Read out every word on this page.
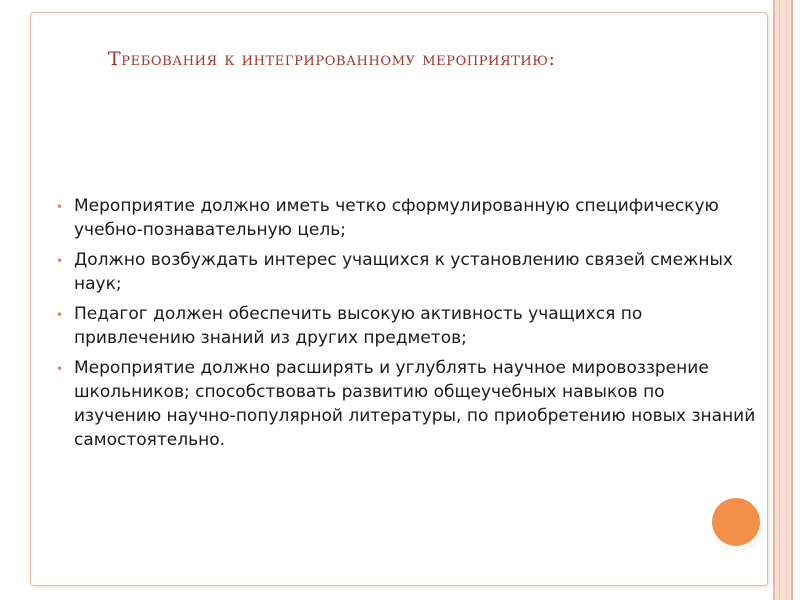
Требования к интегрированному мероприятию:
• Мероприятие должно иметь четко сформулированную специфическую учебно-познавательную цель;
• Должно возбуждать интерес учащихся к установлению связей смежных наук;
• Педагог должен обеспечить высокую активность учащихся по привлечению знаний из других предметов;
• Мероприятие должно расширять и углублять научное мировоззрение школьников; способствовать развитию общеучебных навыков по изучению научно-популярной литературы, по приобретению новых знаний самостоятельно.
